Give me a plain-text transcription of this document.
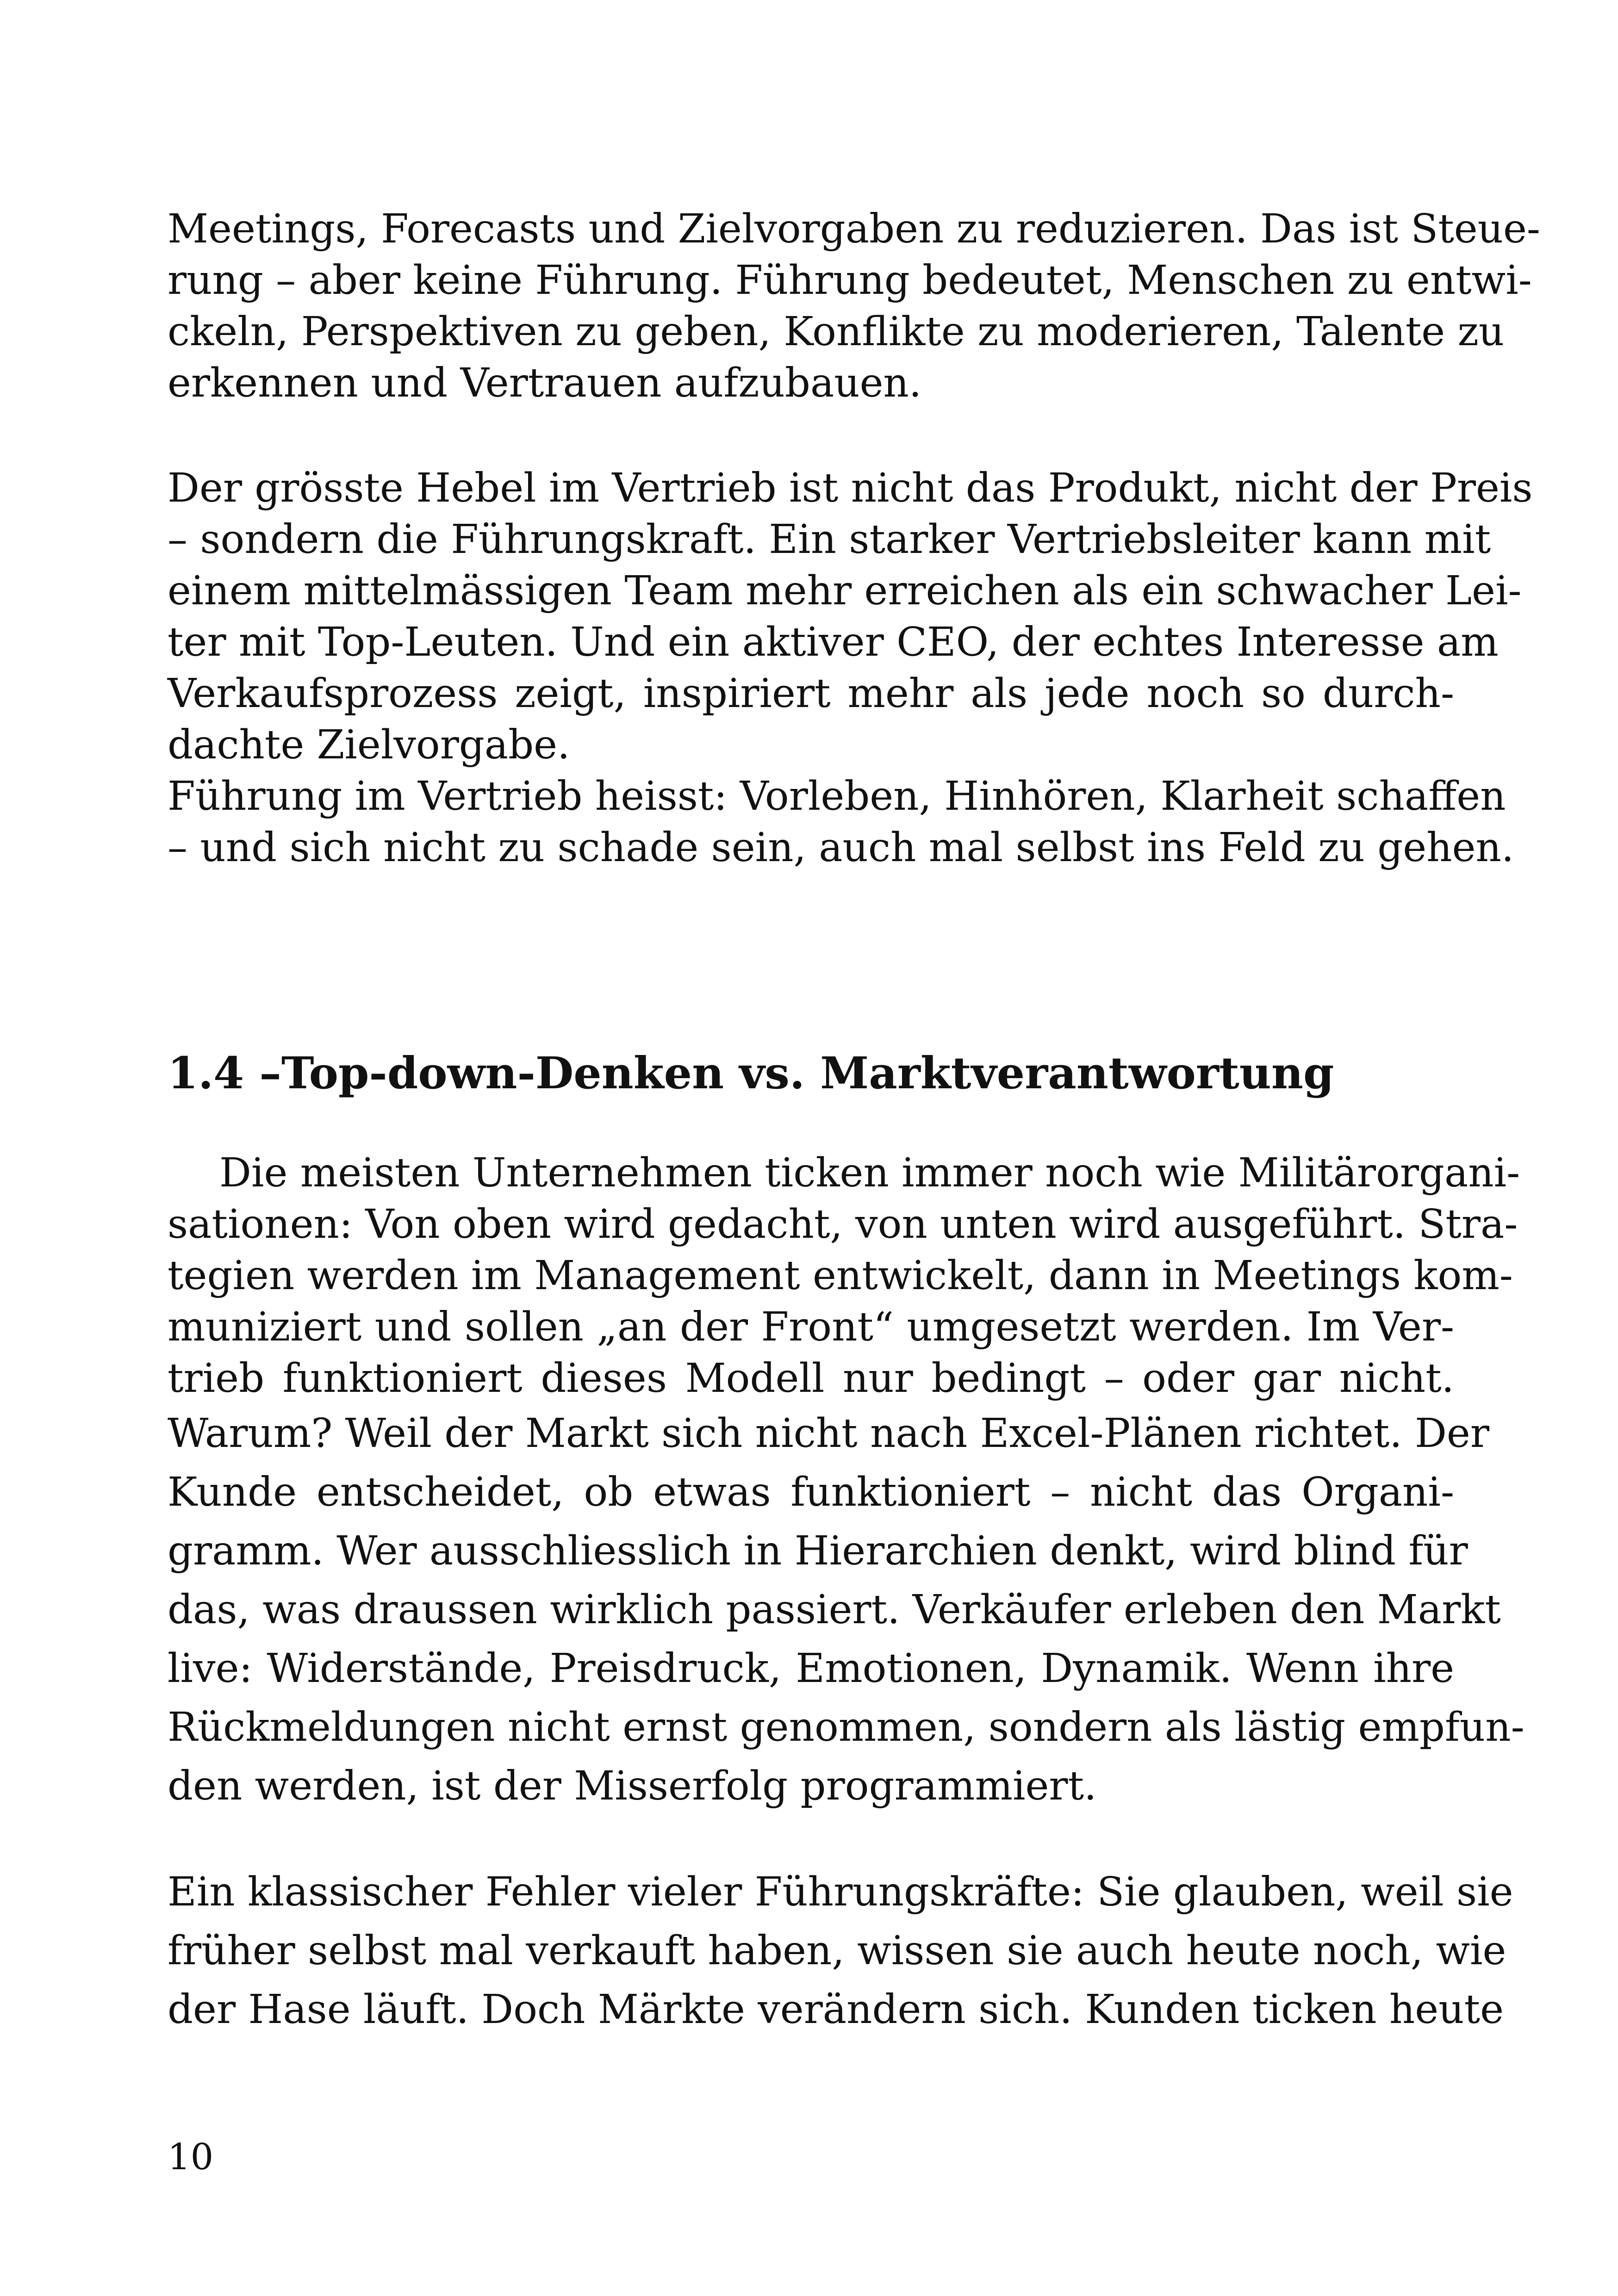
Meetings, Forecasts und Zielvorgaben zu reduzieren. Das ist Steue-
rung – aber keine Führung. Führung bedeutet, Menschen zu entwi-
ckeln, Perspektiven zu geben, Konflikte zu moderieren, Talente zu
erkennen und Vertrauen aufzubauen.
Der grösste Hebel im Vertrieb ist nicht das Produkt, nicht der Preis
– sondern die Führungskraft. Ein starker Vertriebsleiter kann mit
einem mittelmässigen Team mehr erreichen als ein schwacher Lei-
ter mit Top-Leuten. Und ein aktiver CEO, der echtes Interesse am
Verkaufsprozess zeigt, inspiriert mehr als jede noch so durch-
dachte Zielvorgabe.
Führung im Vertrieb heisst: Vorleben, Hinhören, Klarheit schaffen
– und sich nicht zu schade sein, auch mal selbst ins Feld zu gehen.
1.4 –Top-down-Denken vs. Marktverantwortung
Die meisten Unternehmen ticken immer noch wie Militärorgani-
sationen: Von oben wird gedacht, von unten wird ausgeführt. Stra-
tegien werden im Management entwickelt, dann in Meetings kom-
muniziert und sollen „an der Front“ umgesetzt werden. Im Ver-
trieb funktioniert dieses Modell nur bedingt – oder gar nicht.
Warum? Weil der Markt sich nicht nach Excel-Plänen richtet. Der
Kunde entscheidet, ob etwas funktioniert – nicht das Organi-
gramm. Wer ausschliesslich in Hierarchien denkt, wird blind für
das, was draussen wirklich passiert. Verkäufer erleben den Markt
live: Widerstände, Preisdruck, Emotionen, Dynamik. Wenn ihre
Rückmeldungen nicht ernst genommen, sondern als lästig empfun-
den werden, ist der Misserfolg programmiert.
Ein klassischer Fehler vieler Führungskräfte: Sie glauben, weil sie
früher selbst mal verkauft haben, wissen sie auch heute noch, wie
der Hase läuft. Doch Märkte verändern sich. Kunden ticken heute
10
